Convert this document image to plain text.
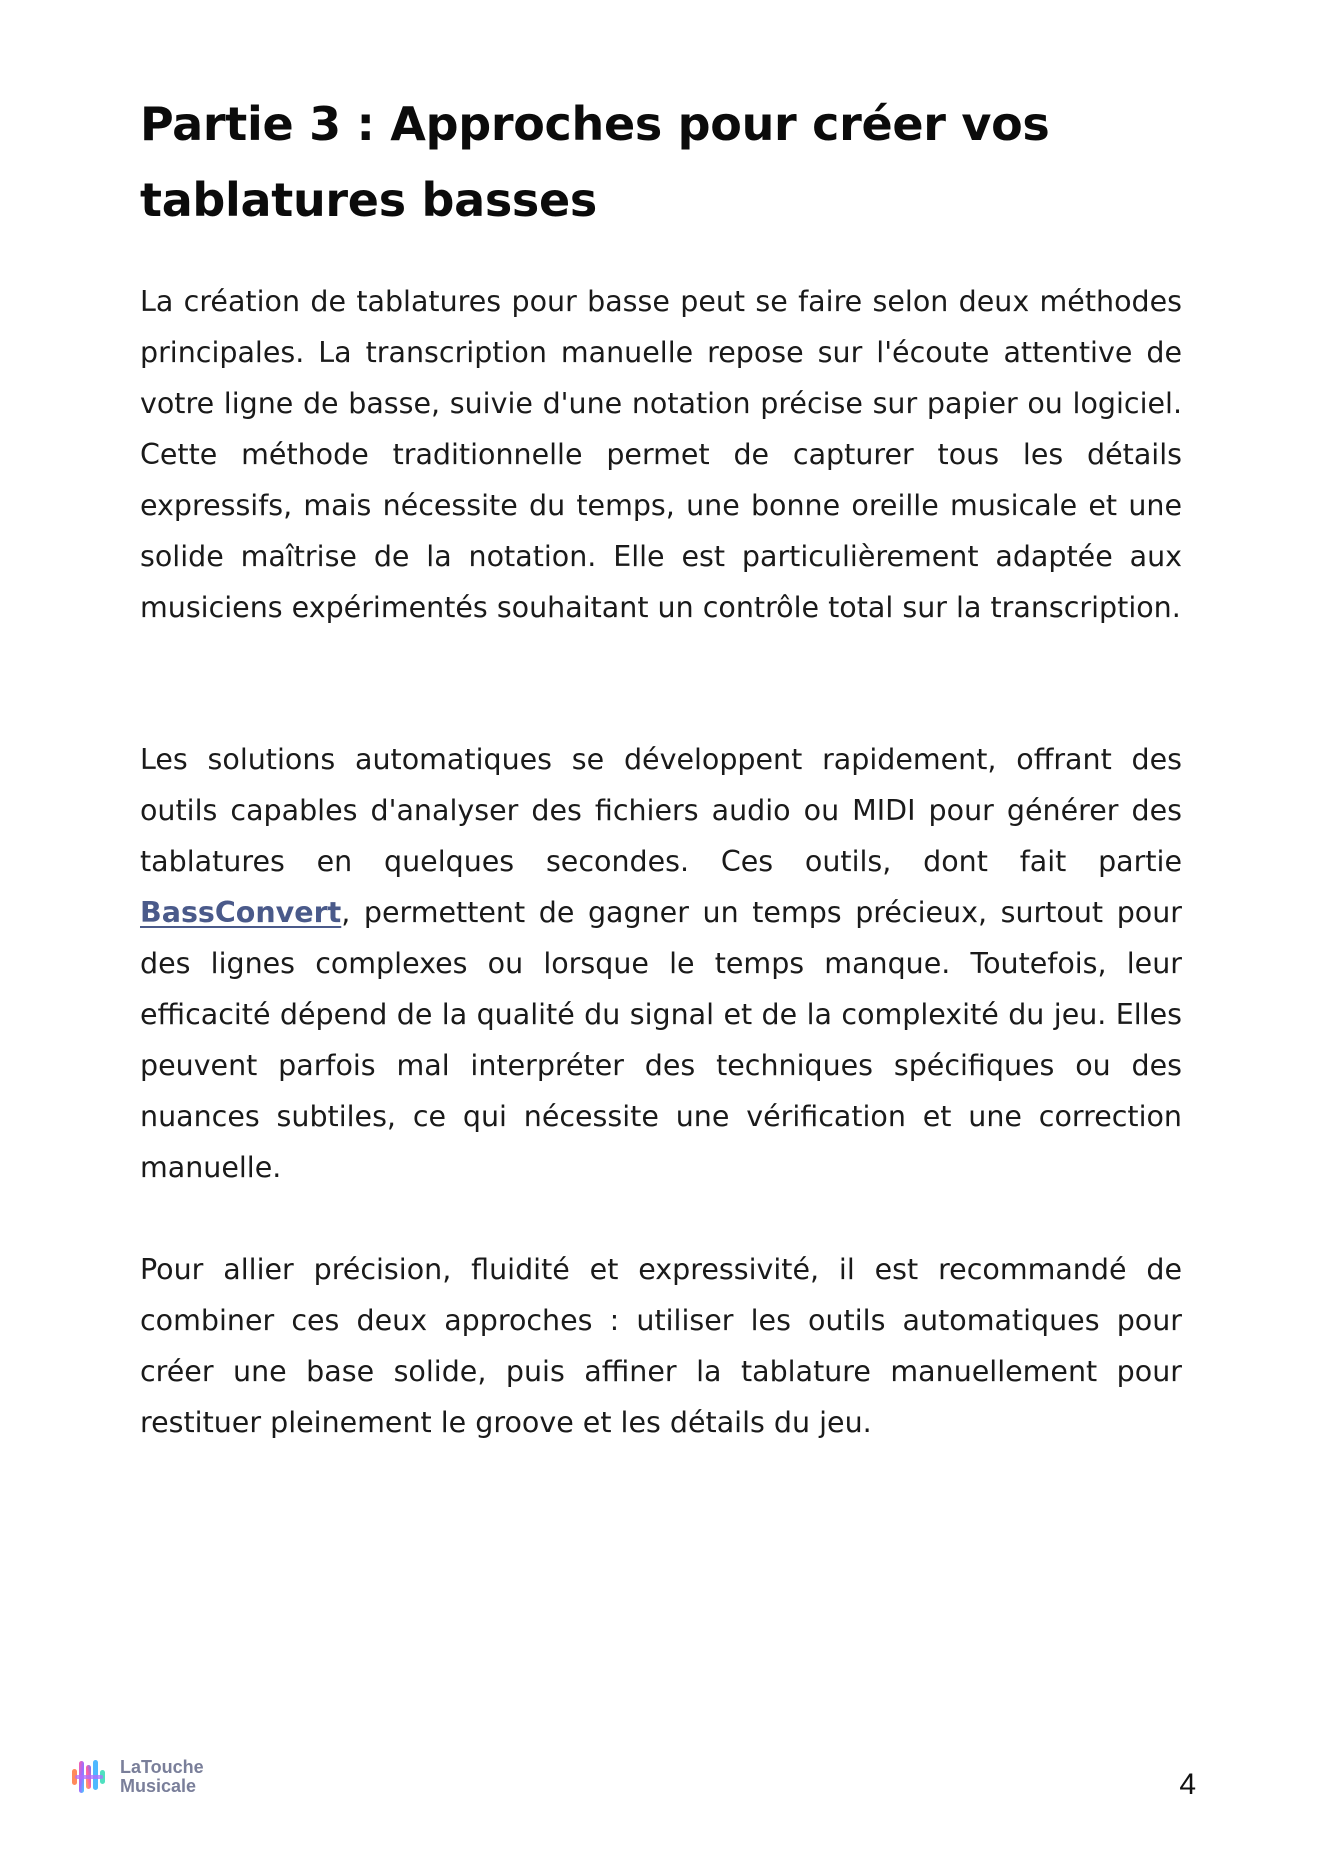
Partie 3 : Approches pour créer vos
tablatures basses

La création de tablatures pour basse peut se faire selon deux méthodes principales. La transcription manuelle repose sur l'écoute attentive de votre ligne de basse, suivie d'une notation précise sur papier ou logiciel. Cette méthode traditionnelle permet de capturer tous les détails expressifs, mais nécessite du temps, une bonne oreille musicale et une solide maîtrise de la notation. Elle est particulièrement adaptée aux musiciens expérimentés souhaitant un contrôle total sur la transcription.

Les solutions automatiques se développent rapidement, offrant des outils capables d'analyser des fichiers audio ou MIDI pour générer des tablatures en quelques secondes. Ces outils, dont fait partie BassConvert, permettent de gagner un temps précieux, surtout pour des lignes complexes ou lorsque le temps manque. Toutefois, leur efficacité dépend de la qualité du signal et de la complexité du jeu. Elles peuvent parfois mal interpréter des techniques spécifiques ou des nuances subtiles, ce qui nécessite une vérification et une correction manuelle.

Pour allier précision, fluidité et expressivité, il est recommandé de combiner ces deux approches : utiliser les outils automatiques pour créer une base solide, puis affiner la tablature manuellement pour restituer pleinement le groove et les détails du jeu.

LaTouche
Musicale	4
